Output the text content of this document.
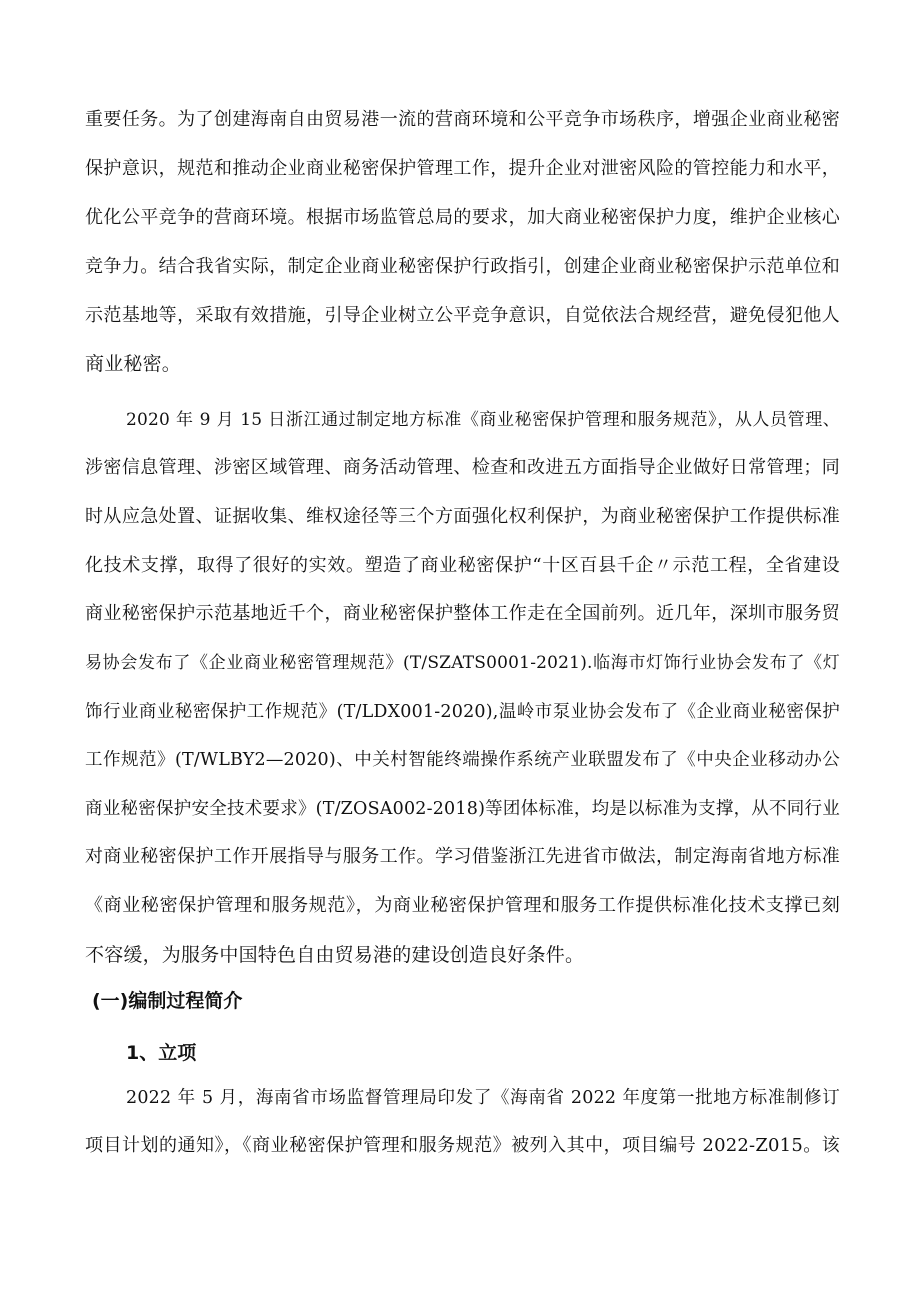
重要任务。为了创建海南自由贸易港一流的营商环境和公平竞争市场秩序，增强企业商业秘密
保护意识，规范和推动企业商业秘密保护管理工作，提升企业对泄密风险的管控能力和水平，
优化公平竞争的营商环境。根据市场监管总局的要求，加大商业秘密保护力度，维护企业核心
竞争力。结合我省实际，制定企业商业秘密保护行政指引，创建企业商业秘密保护示范单位和
示范基地等，采取有效措施，引导企业树立公平竞争意识，自觉依法合规经营，避免侵犯他人
商业秘密。
2020 年 9 月 15 日浙江通过制定地方标准《商业秘密保护管理和服务规范》，从人员管理、
涉密信息管理、涉密区域管理、商务活动管理、检查和改进五方面指导企业做好日常管理；同
时从应急处置、证据收集、维权途径等三个方面强化权利保护，为商业秘密保护工作提供标准
化技术支撑，取得了很好的实效。塑造了商业秘密保护“十区百县千企〃示范工程，全省建设
商业秘密保护示范基地近千个，商业秘密保护整体工作走在全国前列。近几年，深圳市服务贸
易协会发布了《企业商业秘密管理规范》(T/SZATS0001-2021).临海市灯饰行业协会发布了《灯
饰行业商业秘密保护工作规范》(T/LDX001-2020),温岭市泵业协会发布了《企业商业秘密保护
工作规范》(T/WLBY2—2020)、中关村智能终端操作系统产业联盟发布了《中央企业移动办公
商业秘密保护安全技术要求》(T/ZOSA002-2018)等团体标准，均是以标准为支撑，从不同行业
对商业秘密保护工作开展指导与服务工作。学习借鉴浙江先进省市做法，制定海南省地方标准
《商业秘密保护管理和服务规范》，为商业秘密保护管理和服务工作提供标准化技术支撑已刻
不容缓，为服务中国特色自由贸易港的建设创造良好条件。
(一)编制过程简介
1、立项
2022 年 5 月，海南省市场监督管理局印发了《海南省 2022 年度第一批地方标准制修订
项目计划的通知》，《商业秘密保护管理和服务规范》被列入其中，项目编号 2022-Z015。该
